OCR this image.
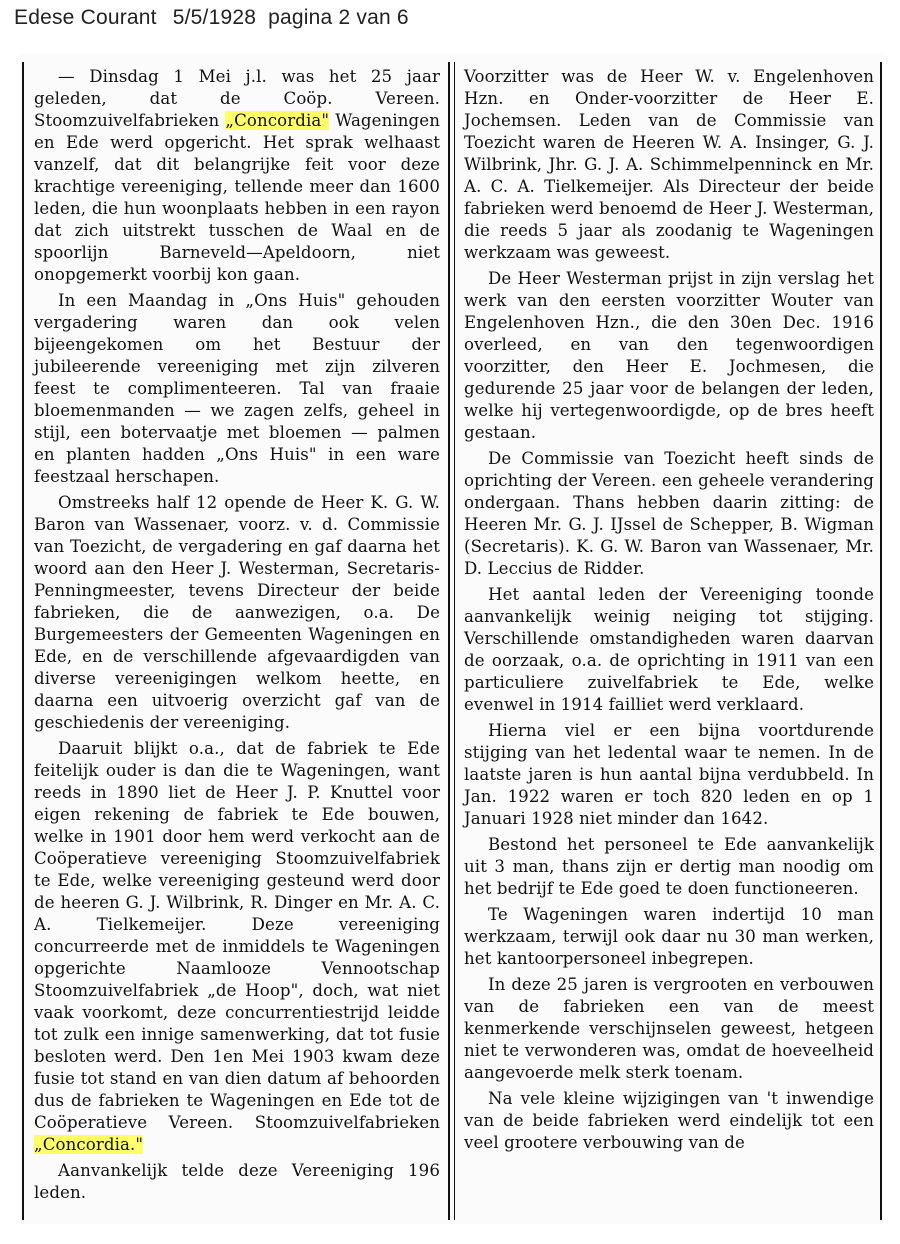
Edese Courant 5/5/1928 pagina 2 van 6

— Dinsdag 1 Mei j.l. was het 25 jaar geleden, dat de Coöp. Vereen. Stoomzuivelfabrieken „Concordia" Wageningen en Ede werd opgericht. Het sprak welhaast vanzelf, dat dit belangrijke feit voor deze krachtige vereeniging, tellende meer dan 1600 leden, die hun woonplaats hebben in een rayon dat zich uitstrekt tusschen de Waal en de spoorlijn Barneveld—Apeldoorn, niet onopgemerkt voorbij kon gaan.

In een Maandag in „Ons Huis" gehouden vergadering waren dan ook velen bijeengekomen om het Bestuur der jubileerende vereeniging met zijn zilveren feest te complimenteeren. Tal van fraaie bloemenmanden — we zagen zelfs, geheel in stijl, een botervaatje met bloemen — palmen en planten hadden „Ons Huis" in een ware feestzaal herschapen.

Omstreeks half 12 opende de Heer K. G. W. Baron van Wassenaer, voorz. v. d. Commissie van Toezicht, de vergadering en gaf daarna het woord aan den Heer J. Westerman, Secretaris-Penningmeester, tevens Directeur der beide fabrieken, die de aanwezigen, o.a. De Burgemeesters der Gemeenten Wageningen en Ede, en de verschillende afgevaardigden van diverse vereenigingen welkom heette, en daarna een uitvoerig overzicht gaf van de geschiedenis der vereeniging.

Daaruit blijkt o.a., dat de fabriek te Ede feitelijk ouder is dan die te Wageningen, want reeds in 1890 liet de Heer J. P. Knuttel voor eigen rekening de fabriek te Ede bouwen, welke in 1901 door hem werd verkocht aan de Coöperatieve vereeniging Stoomzuivelfabriek te Ede, welke vereeniging gesteund werd door de heeren G. J. Wilbrink, R. Dinger en Mr. A. C. A. Tielkemeijer. Deze vereeniging concurreerde met de inmiddels te Wageningen opgerichte Naamlooze Vennootschap Stoomzuivelfabriek „de Hoop", doch, wat niet vaak voorkomt, deze concurrentiestrijd leidde tot zulk een innige samenwerking, dat tot fusie besloten werd. Den 1en Mei 1903 kwam deze fusie tot stand en van dien datum af behoorden dus de fabrieken te Wageningen en Ede tot de Coöperatieve Vereen. Stoomzuivelfabrieken „Concordia."

Aanvankelijk telde deze Vereeniging 196 leden.

Voorzitter was de Heer W. v. Engelenhoven Hzn. en Onder-voorzitter de Heer E. Jochemsen. Leden van de Commissie van Toezicht waren de Heeren W. A. Insinger, G. J. Wilbrink, Jhr. G. J. A. Schimmelpenninck en Mr. A. C. A. Tielkemeijer. Als Directeur der beide fabrieken werd benoemd de Heer J. Westerman, die reeds 5 jaar als zoodanig te Wageningen werkzaam was geweest.

De Heer Westerman prijst in zijn verslag het werk van den eersten voorzitter Wouter van Engelenhoven Hzn., die den 30en Dec. 1916 overleed, en van den tegenwoordigen voorzitter, den Heer E. Jochmesen, die gedurende 25 jaar voor de belangen der leden, welke hij vertegenwoordigde, op de bres heeft gestaan.

De Commissie van Toezicht heeft sinds de oprichting der Vereen. een geheele verandering ondergaan. Thans hebben daarin zitting: de Heeren Mr. G. J. IJssel de Schepper, B. Wigman (Secretaris). K. G. W. Baron van Wassenaer, Mr. D. Leccius de Ridder.

Het aantal leden der Vereeniging toonde aanvankelijk weinig neiging tot stijging. Verschillende omstandigheden waren daarvan de oorzaak, o.a. de oprichting in 1911 van een particuliere zuivelfabriek te Ede, welke evenwel in 1914 failliet werd verklaard.

Hierna viel er een bijna voortdurende stijging van het ledental waar te nemen. In de laatste jaren is hun aantal bijna verdubbeld. In Jan. 1922 waren er toch 820 leden en op 1 Januari 1928 niet minder dan 1642.

Bestond het personeel te Ede aanvankelijk uit 3 man, thans zijn er dertig man noodig om het bedrijf te Ede goed te doen functioneeren.

Te Wageningen waren indertijd 10 man werkzaam, terwijl ook daar nu 30 man werken, het kantoorpersoneel inbegrepen.

In deze 25 jaren is vergrooten en verbouwen van de fabrieken een van de meest kenmerkende verschijnselen geweest, hetgeen niet te verwonderen was, omdat de hoeveelheid aangevoerde melk sterk toenam.

Na vele kleine wijzigingen van 't inwendige van de beide fabrieken werd eindelijk tot een veel grootere verbouwing van de
